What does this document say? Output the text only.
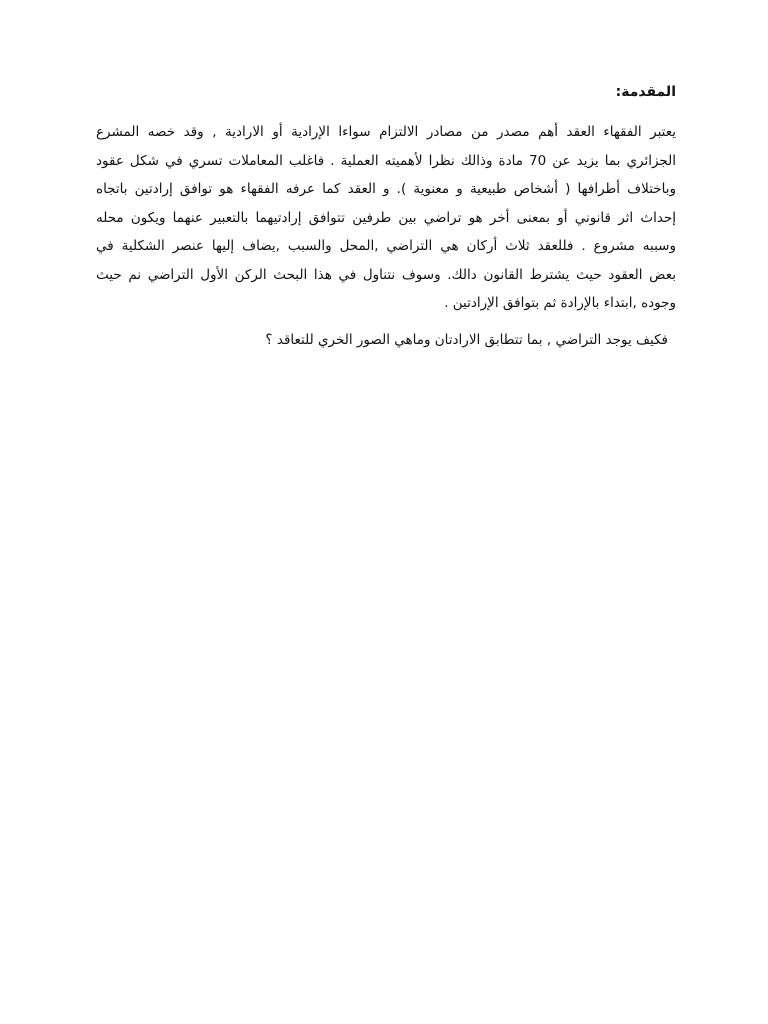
المقدمة:
يعتبر الفقهاء العقد أهم مصدر من مصادر الالتزام سواءا الإرادية أو الارادية , وقد خصه المشرع
الجزائري بما يزيد عن 70 مادة وذالك نظرا لأهميته العملية . فاغلب المعاملات تسري في شكل عقود
وباختلاف أطرافها ( أشخاص طبيعية و معنوية ). و العقد كما عرفه الفقهاء هو توافق إرادتين باتجاه
إحداث اثر قانوني أو بمعنى أخر هو تراضي بين طرفين تتوافق إرادتيهما بالتعبير عنهما ويكون محله
وسببه مشروع . فللعقد ثلاث أركان هي التراضي ,المحل والسبب ,يضاف إليها عنصر الشكلية في
بعض العقود حيث يشترط القانون دالك. وسوف نتناول في هذا البحث الركن الأول التراضي نم حيث
وجوده ,ابتداء بالإرادة ثم بتوافق الإرادتين .

فكيف يوجد التراضي , بما تتطابق الارادتان وماهي الصور الخري للتعاقد ؟
